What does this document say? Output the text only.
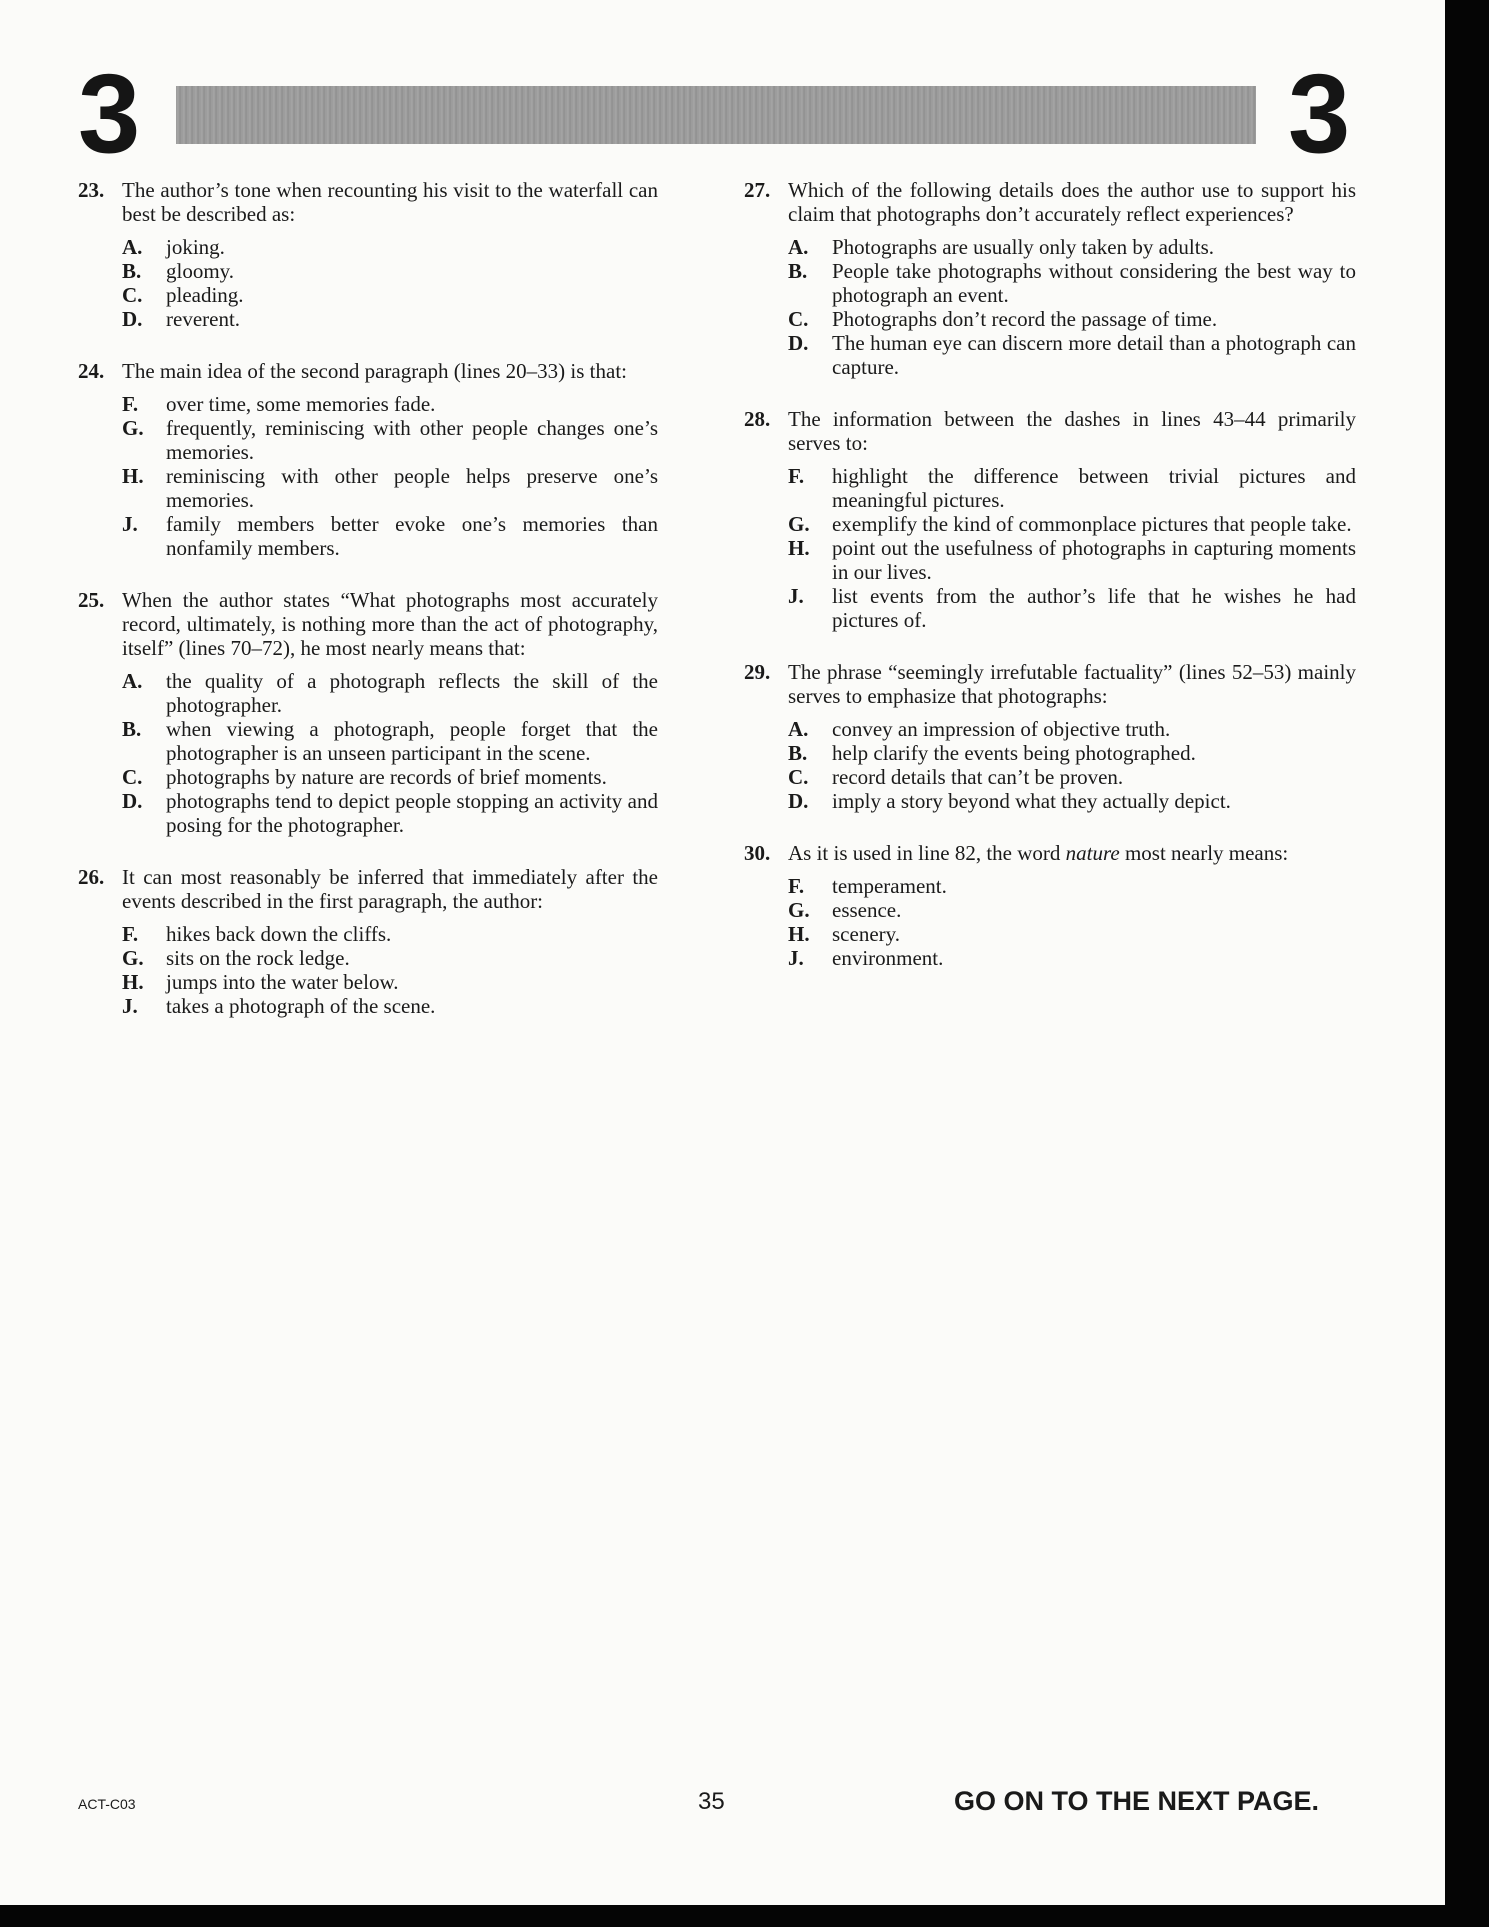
3	3
23. The author’s tone when recounting his visit to the waterfall can best be described as:
A.	joking.
B.	gloomy.
C.	pleading.
D.	reverent.
24. The main idea of the second paragraph (lines 20–33) is that:
F.	over time, some memories fade.
G.	frequently, reminiscing with other people changes one’s memories.
H.	reminiscing with other people helps preserve one’s memories.
J.	family members better evoke one’s memories than nonfamily members.
25. When the author states “What photographs most accurately record, ultimately, is nothing more than the act of photography, itself” (lines 70–72), he most nearly means that:
A.	the quality of a photograph reflects the skill of the photographer.
B.	when viewing a photograph, people forget that the photographer is an unseen participant in the scene.
C.	photographs by nature are records of brief moments.
D.	photographs tend to depict people stopping an activity and posing for the photographer.
26. It can most reasonably be inferred that immediately after the events described in the first paragraph, the author:
F.	hikes back down the cliffs.
G.	sits on the rock ledge.
H.	jumps into the water below.
J.	takes a photograph of the scene.
27. Which of the following details does the author use to support his claim that photographs don’t accurately reflect experiences?
A.	Photographs are usually only taken by adults.
B.	People take photographs without considering the best way to photograph an event.
C.	Photographs don’t record the passage of time.
D.	The human eye can discern more detail than a photograph can capture.
28. The information between the dashes in lines 43–44 primarily serves to:
F.	highlight the difference between trivial pictures and meaningful pictures.
G.	exemplify the kind of commonplace pictures that people take.
H.	point out the usefulness of photographs in capturing moments in our lives.
J.	list events from the author’s life that he wishes he had pictures of.
29. The phrase “seemingly irrefutable factuality” (lines 52–53) mainly serves to emphasize that photographs:
A.	convey an impression of objective truth.
B.	help clarify the events being photographed.
C.	record details that can’t be proven.
D.	imply a story beyond what they actually depict.
30. As it is used in line 82, the word nature most nearly means:
F.	temperament.
G.	essence.
H.	scenery.
J.	environment.
ACT-C03	35	GO ON TO THE NEXT PAGE.
